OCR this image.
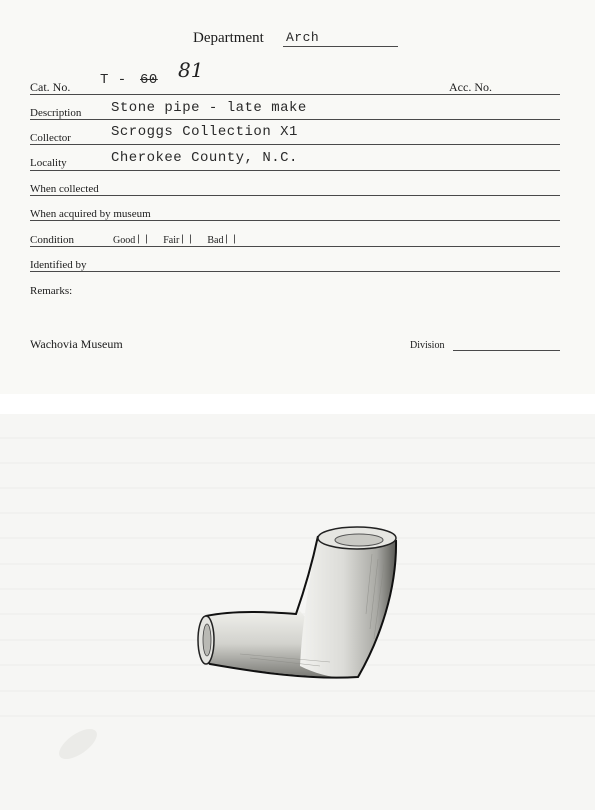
Department Arch
Cat. No. T - 60 81
Acc. No.
Description Stone pipe - late make
Collector	Scroggs Collection X1
Locality	Cherokee County, N.C.
When collected
When acquired by museum
Condition	Good	Fair	Bad
Identified by
Remarks:
Wachovia Museum	Division
